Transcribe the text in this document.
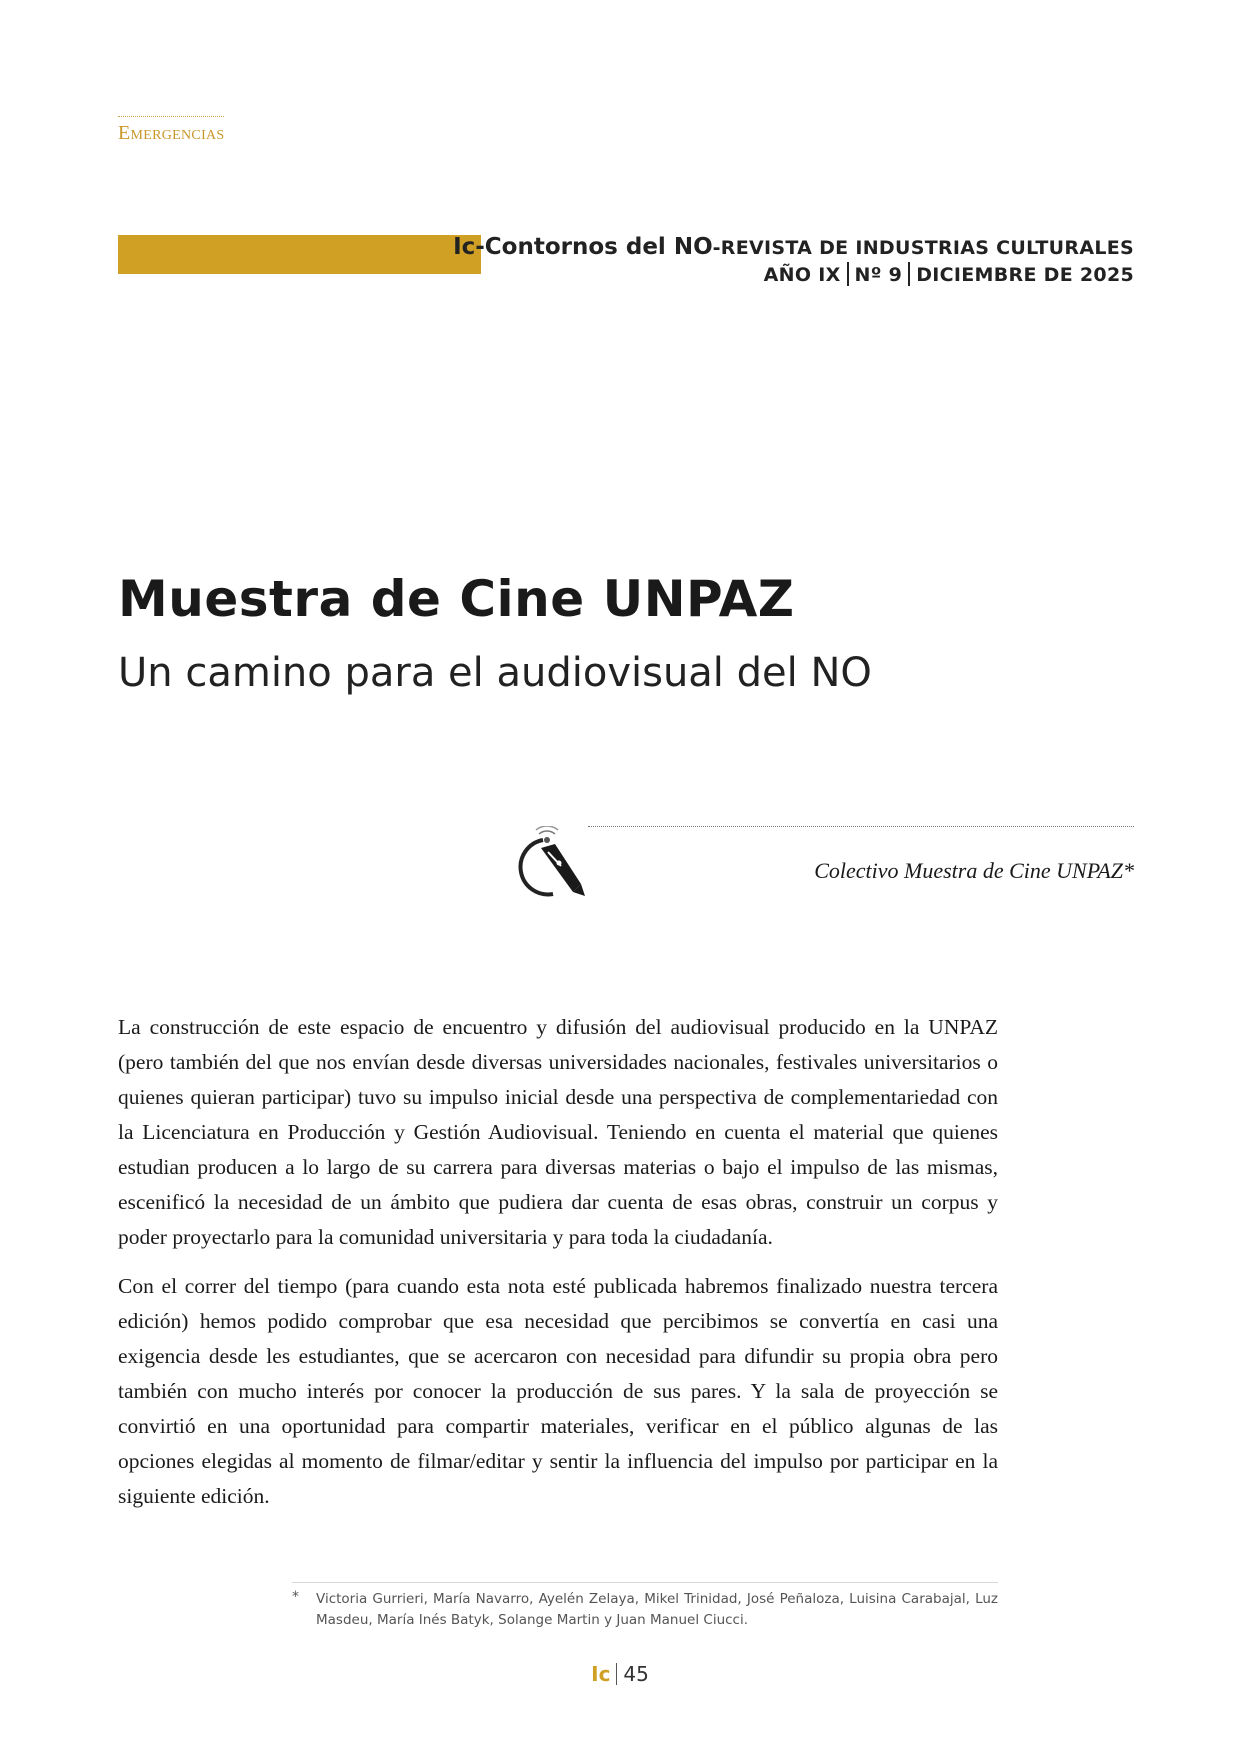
Emergencias
Ic-Contornos del NO-REVISTA DE INDUSTRIAS CULTURALES
AÑO IX Nº 9 DICIEMBRE DE 2025
Muestra de Cine UNPAZ
Un camino para el audiovisual del NO
Colectivo Muestra de Cine UNPAZ*

La construcción de este espacio de encuentro y difusión del audiovisual producido en la UNPAZ (pero también del que nos envían desde diversas universidades nacionales, festivales universitarios o quienes quieran participar) tuvo su impulso inicial desde una perspectiva de complementariedad con la Licenciatura en Producción y Gestión Audiovisual. Teniendo en cuenta el material que quienes estudian producen a lo largo de su carrera para diversas materias o bajo el impulso de las mismas, escenificó la necesidad de un ámbito que pudiera dar cuenta de esas obras, construir un corpus y poder proyectarlo para la comunidad universitaria y para toda la ciudadanía.

Con el correr del tiempo (para cuando esta nota esté publicada habremos finalizado nuestra tercera edición) hemos podido comprobar que esa necesidad que percibimos se convertía en casi una exigencia desde les estudiantes, que se acercaron con necesidad para difundir su propia obra pero también con mucho interés por conocer la producción de sus pares. Y la sala de proyección se convirtió en una oportunidad para compartir materiales, verificar en el público algunas de las opciones elegidas al momento de filmar/editar y sentir la influencia del impulso por participar en la siguiente edición.

* Victoria Gurrieri, María Navarro, Ayelén Zelaya, Mikel Trinidad, José Peñaloza, Luisina Carabajal, Luz Masdeu, María Inés Batyk, Solange Martin y Juan Manuel Ciucci.
Ic 45
